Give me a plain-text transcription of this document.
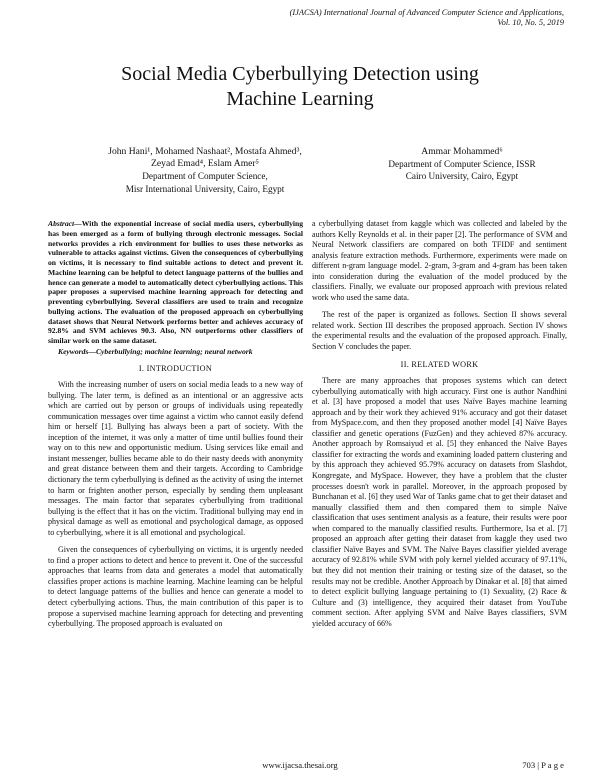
(IJACSA) International Journal of Advanced Computer Science and Applications,
Vol. 10, No. 5, 2019
Social Media Cyberbullying Detection using
Machine Learning
John Hani¹, Mohamed Nashaat², Mostafa Ahmed³,
Zeyad Emad⁴, Eslam Amer⁵
Department of Computer Science,
Misr International University, Cairo, Egypt
Ammar Mohammed⁶
Department of Computer Science, ISSR
Cairo University, Cairo, Egypt
Abstract—With the exponential increase of social media users, cyberbullying has been emerged as a form of bullying through electronic messages. Social networks provides a rich environment for bullies to uses these networks as vulnerable to attacks against victims. Given the consequences of cyberbullying on victims, it is necessary to find suitable actions to detect and prevent it. Machine learning can be helpful to detect language patterns of the bullies and hence can generate a model to automatically detect cyberbullying actions. This paper proposes a supervised machine learning approach for detecting and preventing cyberbullying. Several classifiers are used to train and recognize bullying actions. The evaluation of the proposed approach on cyberbullying dataset shows that Neural Network performs better and achieves accuracy of 92.8% and SVM achieves 90.3. Also, NN outperforms other classifiers of similar work on the same dataset.
Keywords—Cyberbullying; machine learning; neural network
I. INTRODUCTION

With the increasing number of users on social media leads to a new way of bullying. The later term, is defined as an intentional or an aggressive acts which are carried out by person or groups of individuals using repeatedly communication messages over time against a victim who cannot easily defend him or herself [1]. Bullying has always been a part of society. With the inception of the internet, it was only a matter of time until bullies found their way on to this new and opportunistic medium. Using services like email and instant messenger, bullies became able to do their nasty deeds with anonymity and great distance between them and their targets. According to Cambridge dictionary the term cyberbullying is defined as the activity of using the internet to harm or frighten another person, especially by sending them unpleasant messages. The main factor that separates cyberbullying from traditional bullying is the effect that it has on the victim. Traditional bullying may end in physical damage as well as emotional and psychological damage, as opposed to cyberbullying, where it is all emotional and psychological.

Given the consequences of cyberbullying on victims, it is urgently needed to find a proper actions to detect and hence to prevent it. One of the successful approaches that learns from data and generates a model that automatically classifies proper actions is machine learning. Machine learning can be helpful to detect language patterns of the bullies and hence can generate a model to detect cyberbullying actions. Thus, the main contribution of this paper is to propose a supervised machine learning approach for detecting and preventing cyberbullying. The proposed approach is evaluated on

a cyberbullying dataset from kaggle which was collected and labeled by the authors Kelly Reynolds et al. in their paper [2]. The performance of SVM and Neural Network classifiers are compared on both TFIDF and sentiment analysis feature extraction methods. Furthermore, experiments were made on different n-gram language model. 2-gram, 3-gram and 4-gram has been taken into consideration during the evaluation of the model produced by the classifiers. Finally, we evaluate our proposed approach with previous related work who used the same data.

The rest of the paper is organized as follows. Section II shows several related work. Section III describes the proposed approach. Section IV shows the experimental results and the evaluation of the proposed approach. Finally, Section V concludes the paper.

II. RELATED WORK

There are many approaches that proposes systems which can detect cyberbullying automatically with high accuracy. First one is author Nandhini et al. [3] have proposed a model that uses Naïve Bayes machine learning approach and by their work they achieved 91% accuracy and got their dataset from MySpace.com, and then they proposed another model [4] Naïve Bayes classifier and genetic operations (FuzGen) and they achieved 87% accuracy. Another approach by Romsaiyud et al. [5] they enhanced the Naïve Bayes classifier for extracting the words and examining loaded pattern clustering and by this approach they achieved 95.79% accuracy on datasets from Slashdot, Kongregate, and MySpace. However, they have a problem that the cluster processes doesn't work in parallel. Moreover, in the approach proposed by Bunchanan et al. [6] they used War of Tanks game chat to get their dataset and manually classified them and then compared them to simple Naïve classification that uses sentiment analysis as a feature, their results were poor when compared to the manually classified results. Furthermore, Isa et al. [7] proposed an approach after getting their dataset from kaggle they used two classifier Naïve Bayes and SVM. The Naïve Bayes classifier yielded average accuracy of 92.81% while SVM with poly kernel yielded accuracy of 97.11%, but they did not mention their training or testing size of the dataset, so the results may not be credible. Another Approach by Dinakar et al. [8] that aimed to detect explicit bullying language pertaining to (1) Sexuality, (2) Race & Culture and (3) intelligence, they acquired their dataset from YouTube comment section. After applying SVM and Naïve Bayes classifiers, SVM yielded accuracy of 66%

www.ijacsa.thesai.org	703 | P a g e
